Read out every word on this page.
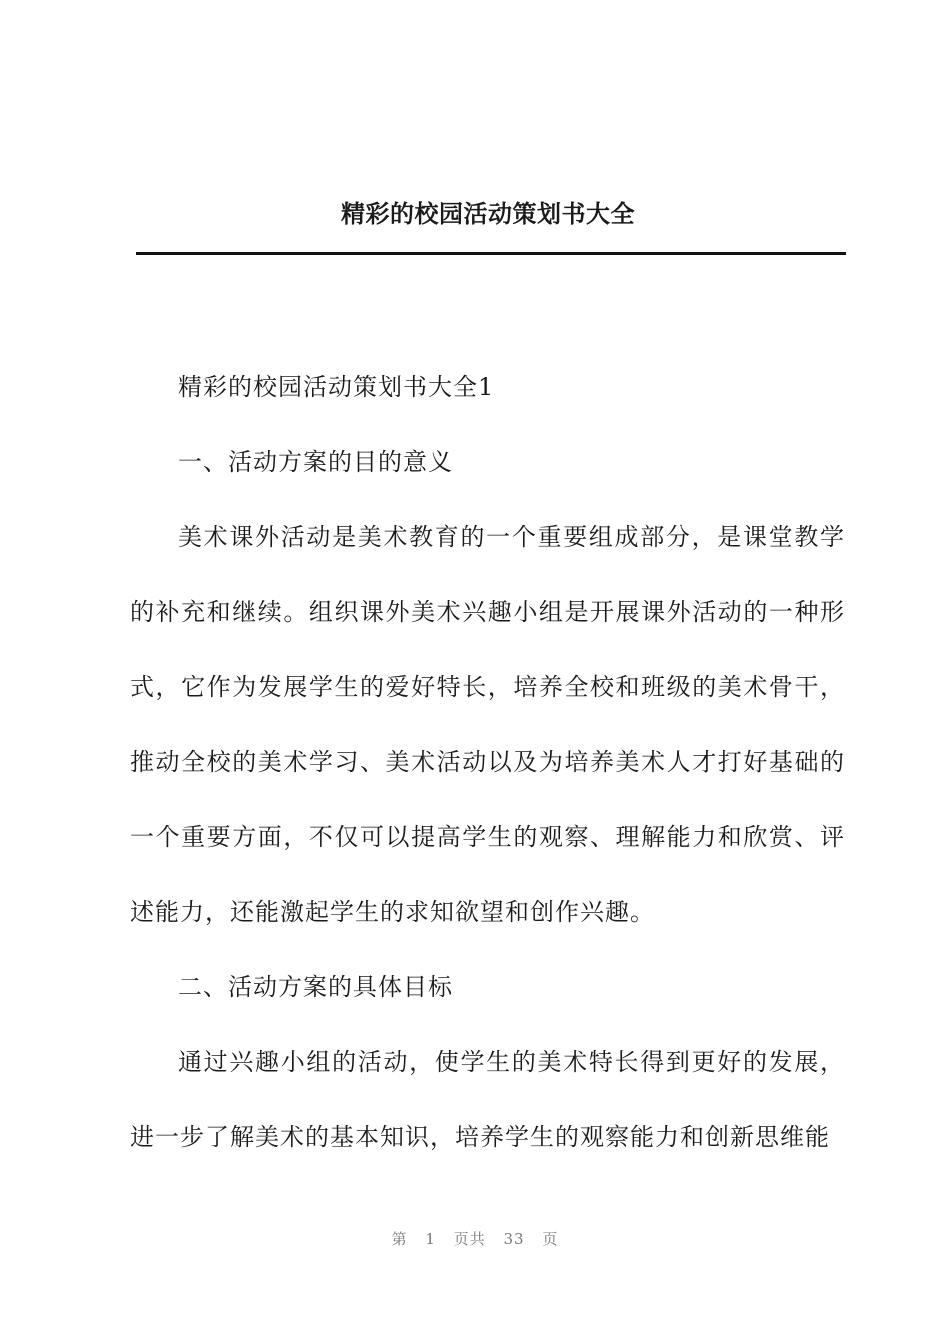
精彩的校园活动策划书大全

精彩的校园活动策划书大全1

一、活动方案的目的意义

美术课外活动是美术教育的一个重要组成部分，是课堂教学的补充和继续。组织课外美术兴趣小组是开展课外活动的一种形式，它作为发展学生的爱好特长，培养全校和班级的美术骨干，推动全校的美术学习、美术活动以及为培养美术人才打好基础的一个重要方面，不仅可以提高学生的观察、理解能力和欣赏、评述能力，还能激起学生的求知欲望和创作兴趣。

二、活动方案的具体目标

通过兴趣小组的活动，使学生的美术特长得到更好的发展，进一步了解美术的基本知识，培养学生的观察能力和创新思维能

第 1 页共 33 页
